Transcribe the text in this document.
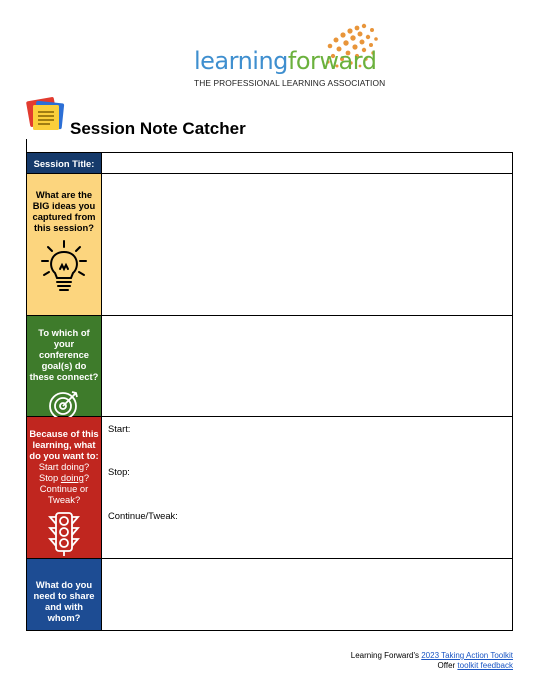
learningforward
THE PROFESSIONAL LEARNING ASSOCIATION
Session Note Catcher
Session Title:
What are the BIG ideas you captured from this session?
To which of your conference goal(s) do these connect?
Because of this learning, what do you want to:
Start doing?
Stop doing?
Continue or Tweak?
Start:
Stop:
Continue/Tweak:
What do you need to share and with whom?
Learning Forward's 2023 Taking Action Toolkit
Offer toolkit feedback
